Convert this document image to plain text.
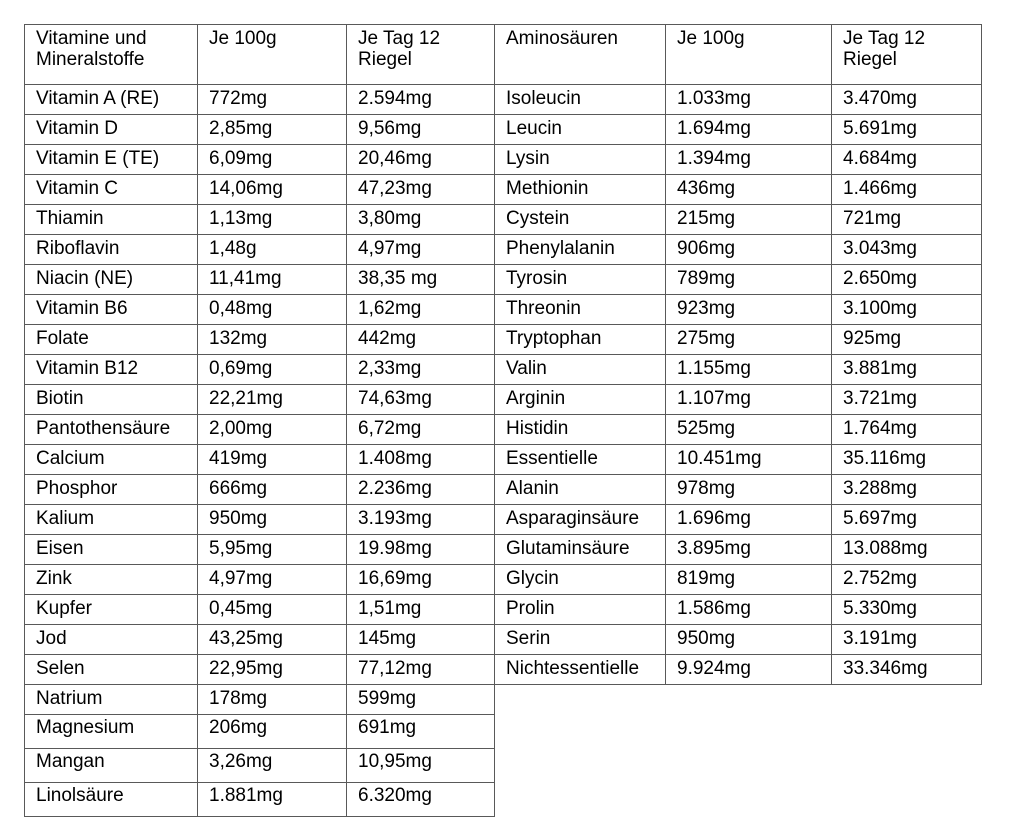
Vitamine und Mineralstoffe	Je 100g	Je Tag 12 Riegel
Vitamin A (RE)	772mg	2.594mg
Vitamin D	2,85mg	9,56mg
Vitamin E (TE)	6,09mg	20,46mg
Vitamin C	14,06mg	47,23mg
Thiamin	1,13mg	3,80mg
Riboflavin	1,48g	4,97mg
Niacin (NE)	11,41mg	38,35 mg
Vitamin B6	0,48mg	1,62mg
Folate	132mg	442mg
Vitamin B12	0,69mg	2,33mg
Biotin	22,21mg	74,63mg
Pantothensäure	2,00mg	6,72mg
Calcium	419mg	1.408mg
Phosphor	666mg	2.236mg
Kalium	950mg	3.193mg
Eisen	5,95mg	19.98mg
Zink	4,97mg	16,69mg
Kupfer	0,45mg	1,51mg
Jod	43,25mg	145mg
Selen	22,95mg	77,12mg
Natrium	178mg	599mg
Magnesium	206mg	691mg
Mangan	3,26mg	10,95mg
Linolsäure	1.881mg	6.320mg
Aminosäuren	Je 100g	Je Tag 12 Riegel
Isoleucin	1.033mg	3.470mg
Leucin	1.694mg	5.691mg
Lysin	1.394mg	4.684mg
Methionin	436mg	1.466mg
Cystein	215mg	721mg
Phenylalanin	906mg	3.043mg
Tyrosin	789mg	2.650mg
Threonin	923mg	3.100mg
Tryptophan	275mg	925mg
Valin	1.155mg	3.881mg
Arginin	1.107mg	3.721mg
Histidin	525mg	1.764mg
Essentielle	10.451mg	35.116mg
Alanin	978mg	3.288mg
Asparaginsäure	1.696mg	5.697mg
Glutaminsäure	3.895mg	13.088mg
Glycin	819mg	2.752mg
Prolin	1.586mg	5.330mg
Serin	950mg	3.191mg
Nichtessentielle	9.924mg	33.346mg
